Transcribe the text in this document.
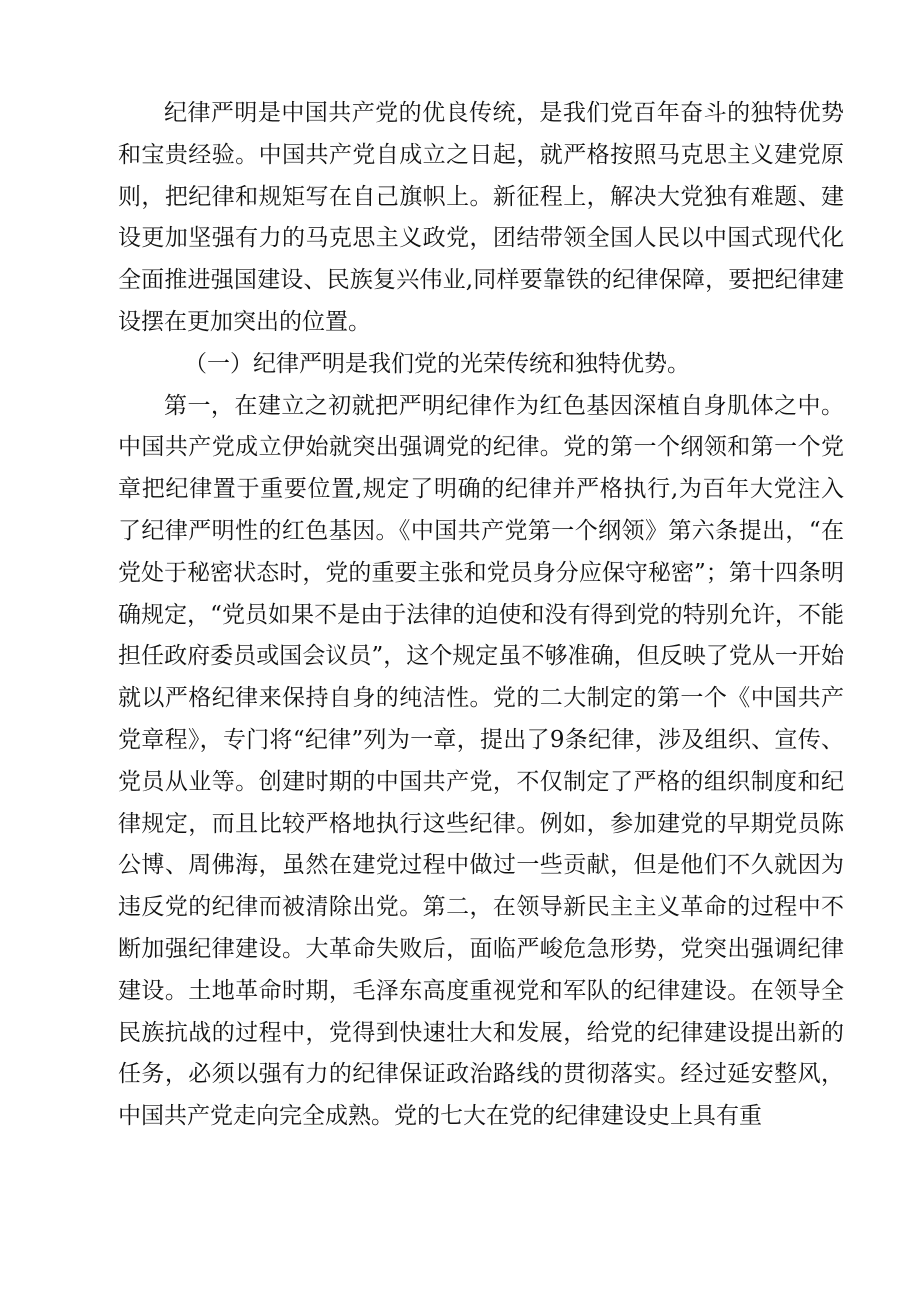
纪律严明是中国共产党的优良传统，是我们党百年奋斗的独特优势和宝贵经验。中国共产党自成立之日起，就严格按照马克思主义建党原则，把纪律和规矩写在自己旗帜上。新征程上，解决大党独有难题、建设更加坚强有力的马克思主义政党，团结带领全国人民以中国式现代化全面推进强国建设、民族复兴伟业,同样要靠铁的纪律保障，要把纪律建设摆在更加突出的位置。

（一）纪律严明是我们党的光荣传统和独特优势。

第一，在建立之初就把严明纪律作为红色基因深植自身肌体之中。中国共产党成立伊始就突出强调党的纪律。党的第一个纲领和第一个党章把纪律置于重要位置,规定了明确的纪律并严格执行,为百年大党注入了纪律严明性的红色基因。《中国共产党第一个纲领》第六条提出，“在党处于秘密状态时，党的重要主张和党员身分应保守秘密”；第十四条明确规定，“党员如果不是由于法律的迫使和没有得到党的特别允许，不能担任政府委员或国会议员”，这个规定虽不够准确，但反映了党从一开始就以严格纪律来保持自身的纯洁性。党的二大制定的第一个《中国共产党章程》，专门将“纪律”列为一章，提出了9条纪律，涉及组织、宣传、党员从业等。创建时期的中国共产党，不仅制定了严格的组织制度和纪律规定，而且比较严格地执行这些纪律。例如，参加建党的早期党员陈公博、周佛海，虽然在建党过程中做过一些贡献，但是他们不久就因为违反党的纪律而被清除出党。第二，在领导新民主主义革命的过程中不断加强纪律建设。大革命失败后，面临严峻危急形势，党突出强调纪律建设。土地革命时期，毛泽东高度重视党和军队的纪律建设。在领导全民族抗战的过程中，党得到快速壮大和发展，给党的纪律建设提出新的任务，必须以强有力的纪律保证政治路线的贯彻落实。经过延安整风，中国共产党走向完全成熟。党的七大在党的纪律建设史上具有重
